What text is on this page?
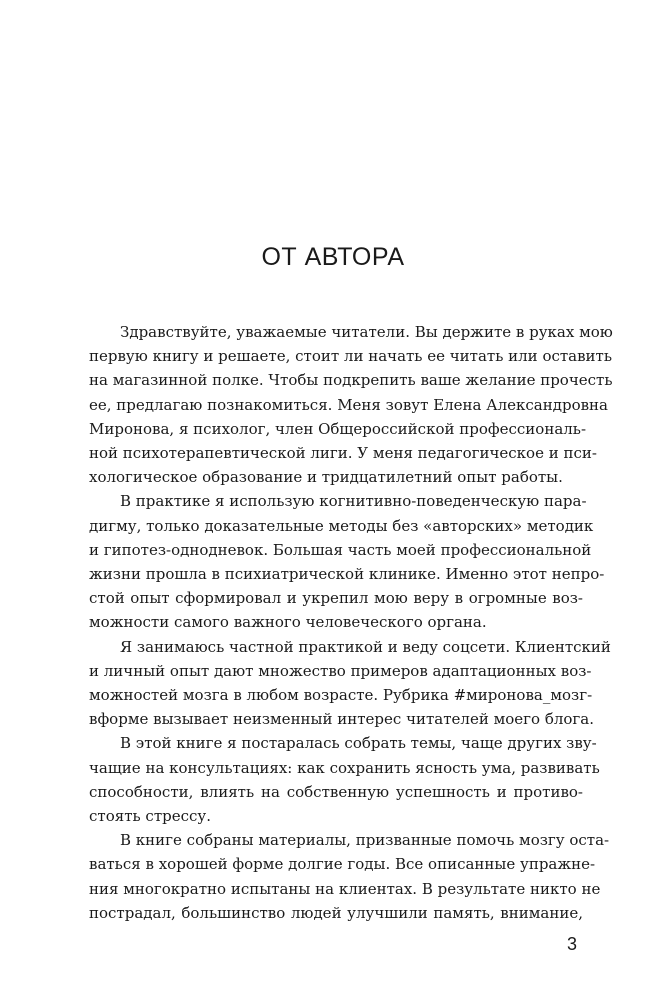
ОТ АВТОРА
Здравствуйте, уважаемые читатели. Вы держите в руках мою
первую книгу и решаете, стоит ли начать ее читать или оставить
на магазинной полке. Чтобы подкрепить ваше желание прочесть
ее, предлагаю познакомиться. Меня зовут Елена Александровна
Миронова, я психолог, член Общероссийской профессиональ-
ной психотерапевтической лиги. У меня педагогическое и пси-
хологическое образование и тридцатилетний опыт работы.
В практике я использую когнитивно-поведенческую пара-
дигму, только доказательные методы без «авторских» методик
и гипотез-однодневок. Большая часть моей профессиональной
жизни прошла в психиатрической клинике. Именно этот непро-
стой опыт сформировал и укрепил мою веру в огромные воз-
можности самого важного человеческого органа.
Я занимаюсь частной практикой и веду соцсети. Клиентский
и личный опыт дают множество примеров адаптационных воз-
можностей мозга в любом возрасте. Рубрика #миронова_мозг-
вформе вызывает неизменный интерес читателей моего блога.
В этой книге я постаралась собрать темы, чаще других зву-
чащие на консультациях: как сохранить ясность ума, развивать
способности, влиять на собственную успешность и противо-
стоять стрессу.
В книге собраны материалы, призванные помочь мозгу оста-
ваться в хорошей форме долгие годы. Все описанные упражне-
ния многократно испытаны на клиентах. В результате никто не
пострадал, большинство людей улучшили память, внимание,
3
